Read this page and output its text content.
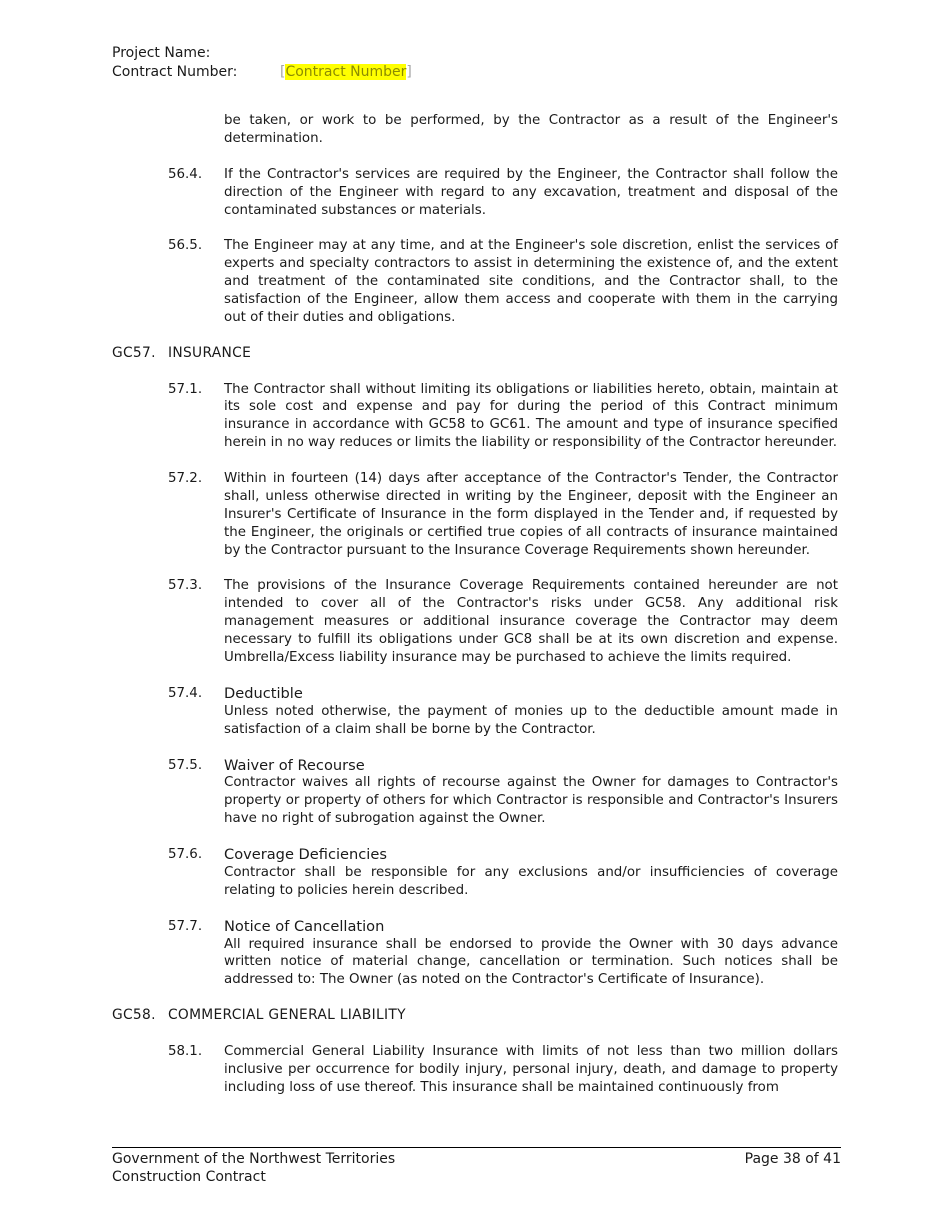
Project Name:
Contract Number:	[Contract Number]
be taken, or work to be performed, by the Contractor as a result of the Engineer's determination.
56.4.	If the Contractor's services are required by the Engineer, the Contractor shall follow the direction of the Engineer with regard to any excavation, treatment and disposal of the contaminated substances or materials.
56.5.	The Engineer may at any time, and at the Engineer's sole discretion, enlist the services of experts and specialty contractors to assist in determining the existence of, and the extent and treatment of the contaminated site conditions, and the Contractor shall, to the satisfaction of the Engineer, allow them access and cooperate with them in the carrying out of their duties and obligations.
GC57. INSURANCE
57.1.	The Contractor shall without limiting its obligations or liabilities hereto, obtain, maintain at its sole cost and expense and pay for during the period of this Contract minimum insurance in accordance with GC58 to GC61. The amount and type of insurance specified herein in no way reduces or limits the liability or responsibility of the Contractor hereunder.
57.2.	Within in fourteen (14) days after acceptance of the Contractor's Tender, the Contractor shall, unless otherwise directed in writing by the Engineer, deposit with the Engineer an Insurer's Certificate of Insurance in the form displayed in the Tender and, if requested by the Engineer, the originals or certified true copies of all contracts of insurance maintained by the Contractor pursuant to the Insurance Coverage Requirements shown hereunder.
57.3.	The provisions of the Insurance Coverage Requirements contained hereunder are not intended to cover all of the Contractor's risks under GC58. Any additional risk management measures or additional insurance coverage the Contractor may deem necessary to fulfill its obligations under GC8 shall be at its own discretion and expense. Umbrella/Excess liability insurance may be purchased to achieve the limits required.
57.4.	Deductible
Unless noted otherwise, the payment of monies up to the deductible amount made in satisfaction of a claim shall be borne by the Contractor.
57.5.	Waiver of Recourse
Contractor waives all rights of recourse against the Owner for damages to Contractor's property or property of others for which Contractor is responsible and Contractor's Insurers have no right of subrogation against the Owner.
57.6.	Coverage Deficiencies
Contractor shall be responsible for any exclusions and/or insufficiencies of coverage relating to policies herein described.
57.7.	Notice of Cancellation
All required insurance shall be endorsed to provide the Owner with 30 days advance written notice of material change, cancellation or termination. Such notices shall be addressed to: The Owner (as noted on the Contractor's Certificate of Insurance).
GC58. COMMERCIAL GENERAL LIABILITY
58.1.	Commercial General Liability Insurance with limits of not less than two million dollars inclusive per occurrence for bodily injury, personal injury, death, and damage to property including loss of use thereof. This insurance shall be maintained continuously from
Government of the Northwest Territories	Page 38 of 41
Construction Contract
